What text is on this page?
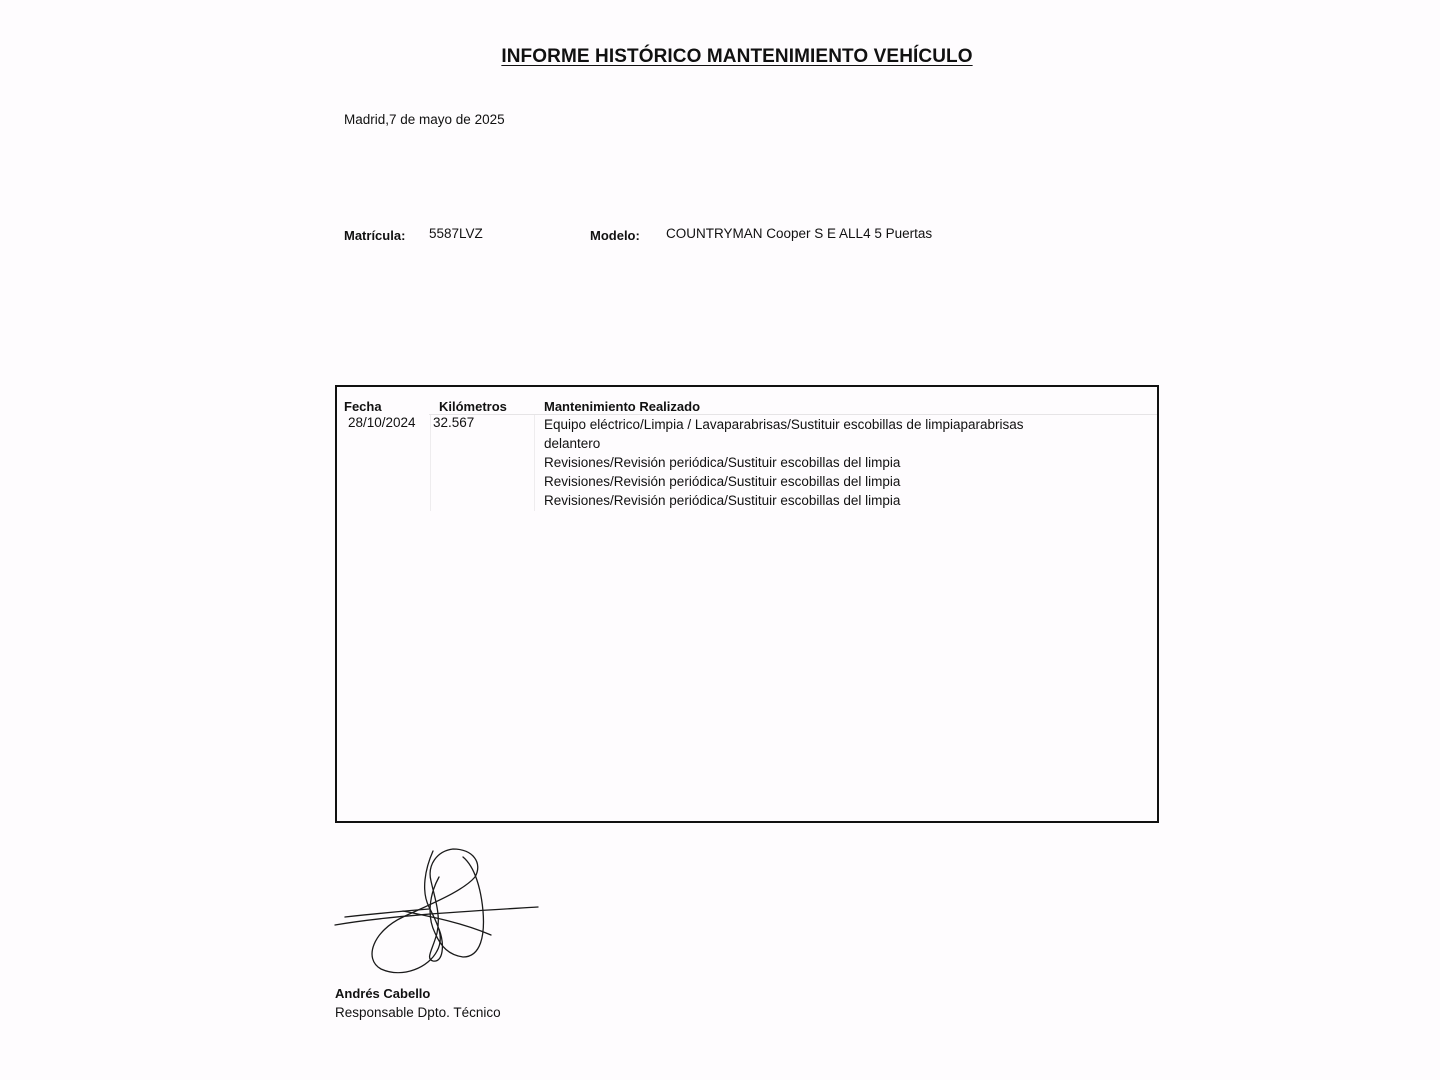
INFORME HISTÓRICO MANTENIMIENTO VEHÍCULO
Madrid,7 de mayo de 2025
Matrícula: 5587LVZ	Modelo: COUNTRYMAN Cooper S E ALL4 5 Puertas
Fecha	Kilómetros	Mantenimiento Realizado
28/10/2024 32.567	Equipo eléctrico/Limpia / Lavaparabrisas/Sustituir escobillas de limpiaparabrisas delantero
Revisiones/Revisión periódica/Sustituir escobillas del limpia
Revisiones/Revisión periódica/Sustituir escobillas del limpia
Revisiones/Revisión periódica/Sustituir escobillas del limpia
Andrés Cabello
Responsable Dpto. Técnico
